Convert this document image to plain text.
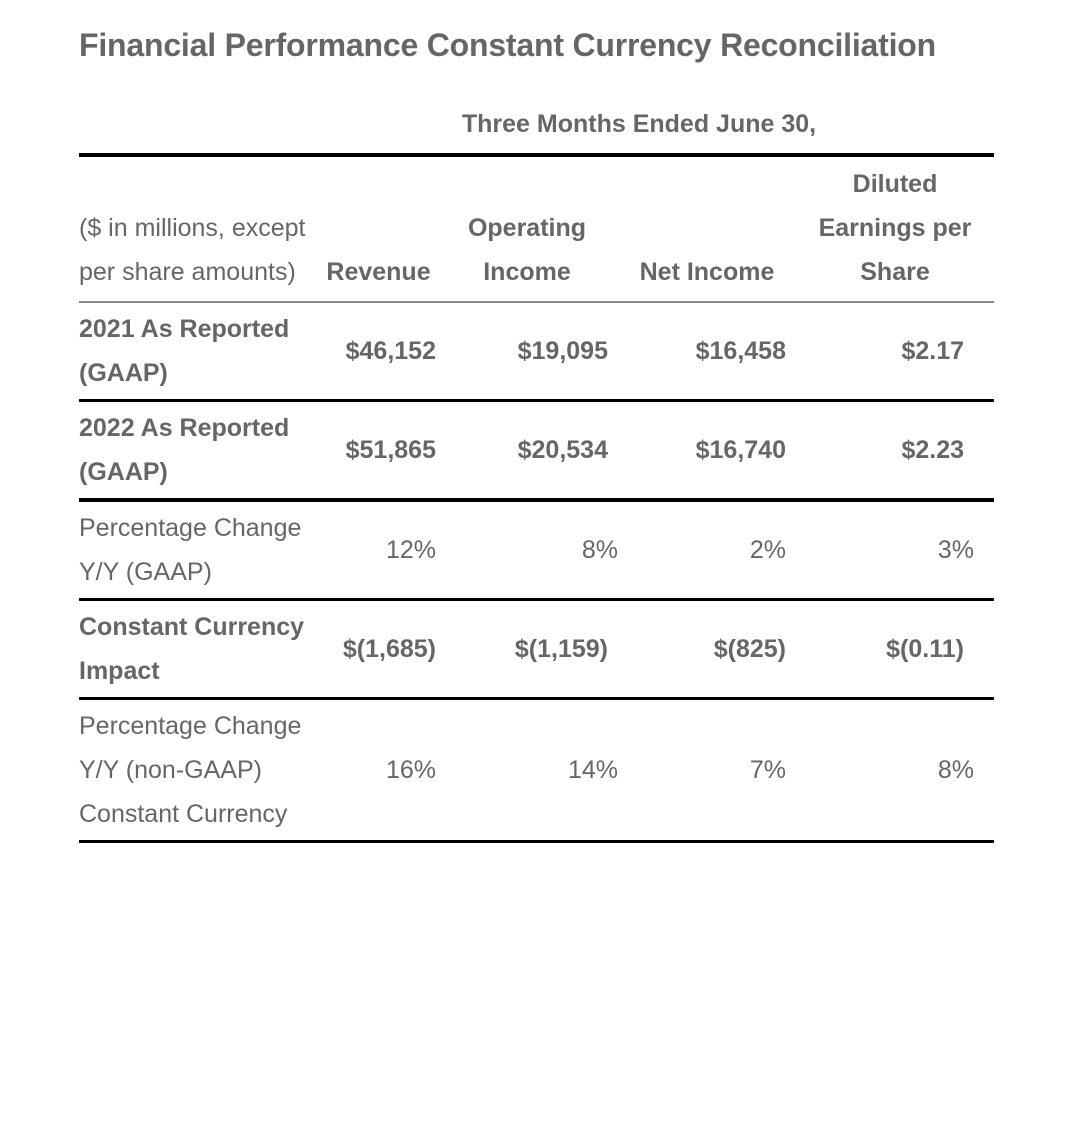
Financial Performance Constant Currency Reconciliation
Three Months Ended June 30,
($ in millions, except per share amounts)	Revenue	Operating Income	Net Income	Diluted Earnings per Share
2021 As Reported (GAAP)	$46,152	$19,095	$16,458	$2.17
2022 As Reported (GAAP)	$51,865	$20,534	$16,740	$2.23
Percentage Change Y/Y (GAAP)	12%	8%	2%	3%
Constant Currency Impact	$(1,685)	$(1,159)	$(825)	$(0.11)
Percentage Change Y/Y (non-GAAP) Constant Currency	16%	14%	7%	8%
